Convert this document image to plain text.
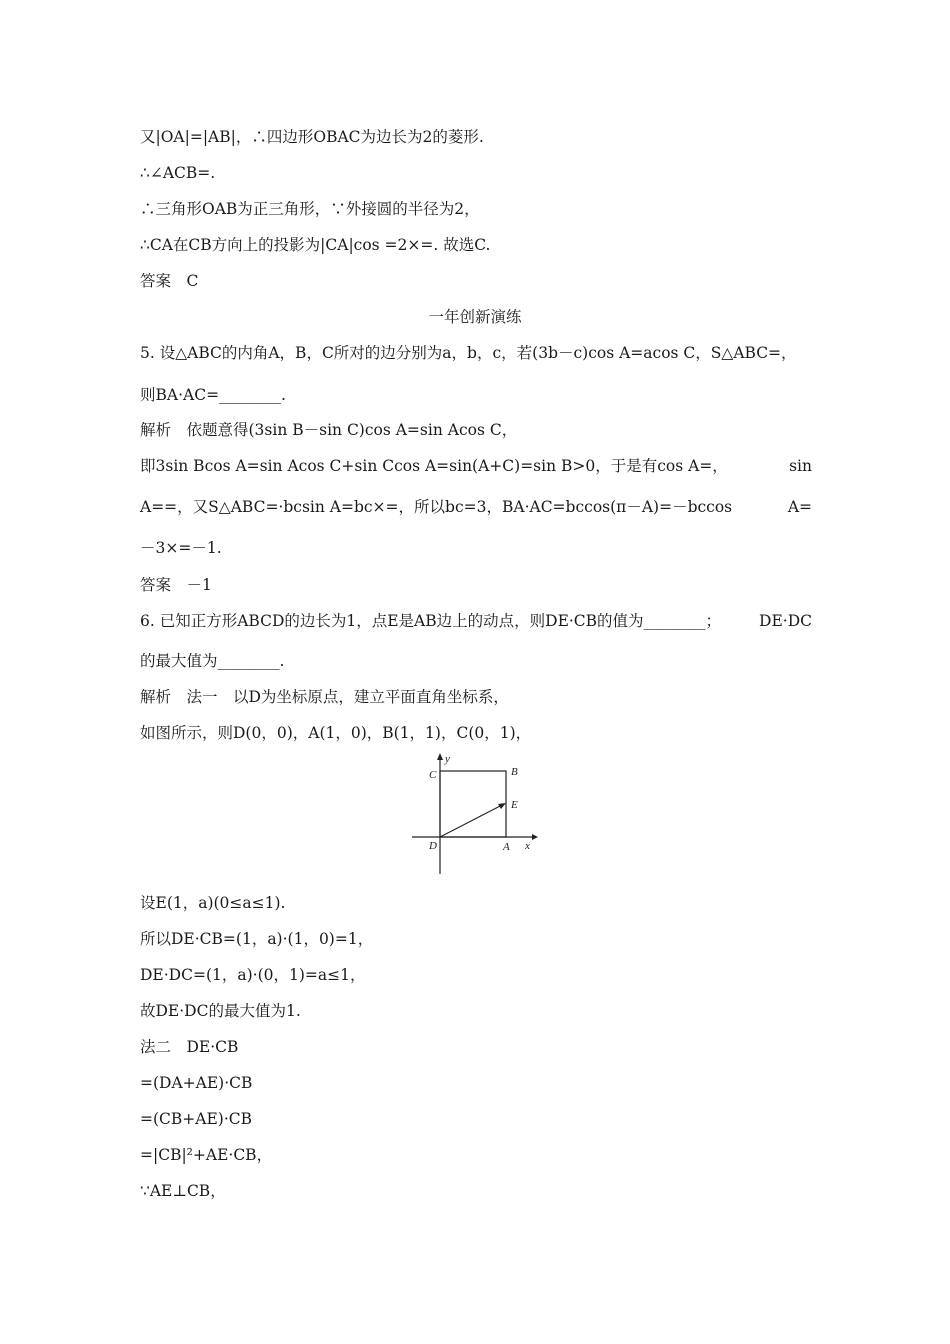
又|OA|=|AB|，∴四边形OBAC为边长为2的菱形.
∴∠ACB=.
∴三角形OAB为正三角形，∵外接圆的半径为2，
∴CA在CB方向上的投影为|CA|cos =2×=. 故选C.
答案　C
一年创新演练
5. 设△ABC的内角A，B，C所对的边分别为a，b，c，若(3b－c)cos A=acos C，S△ABC=，
则BA·AC=________.
解析　依题意得(3sin B－sin C)cos A=sin Acos C，
即3sin Bcos A=sin Acos C+sin Ccos A=sin(A+C)=sin B>0，于是有cos A=，	sin
A==，又S△ABC=·bcsin A=bc×=，所以bc=3，BA·AC=bccos(π－A)=－bccos	A=
－3×=－1.
答案　－1
6. 已知正方形ABCD的边长为1，点E是AB边上的动点，则DE·CB的值为________； DE·DC
的最大值为________.
解析　法一　以D为坐标原点，建立平面直角坐标系，
如图所示，则D(0，0)，A(1，0)，B(1，1)，C(0，1)，
y
x
C	B
E
D	A
设E(1，a)(0≤a≤1).
所以DE·CB=(1，a)·(1，0)=1，
DE·DC=(1，a)·(0，1)=a≤1，
故DE·DC的最大值为1.
法二　DE·CB
=(DA+AE)·CB
=(CB+AE)·CB
=|CB|²+AE·CB，
∵AE⊥CB，
